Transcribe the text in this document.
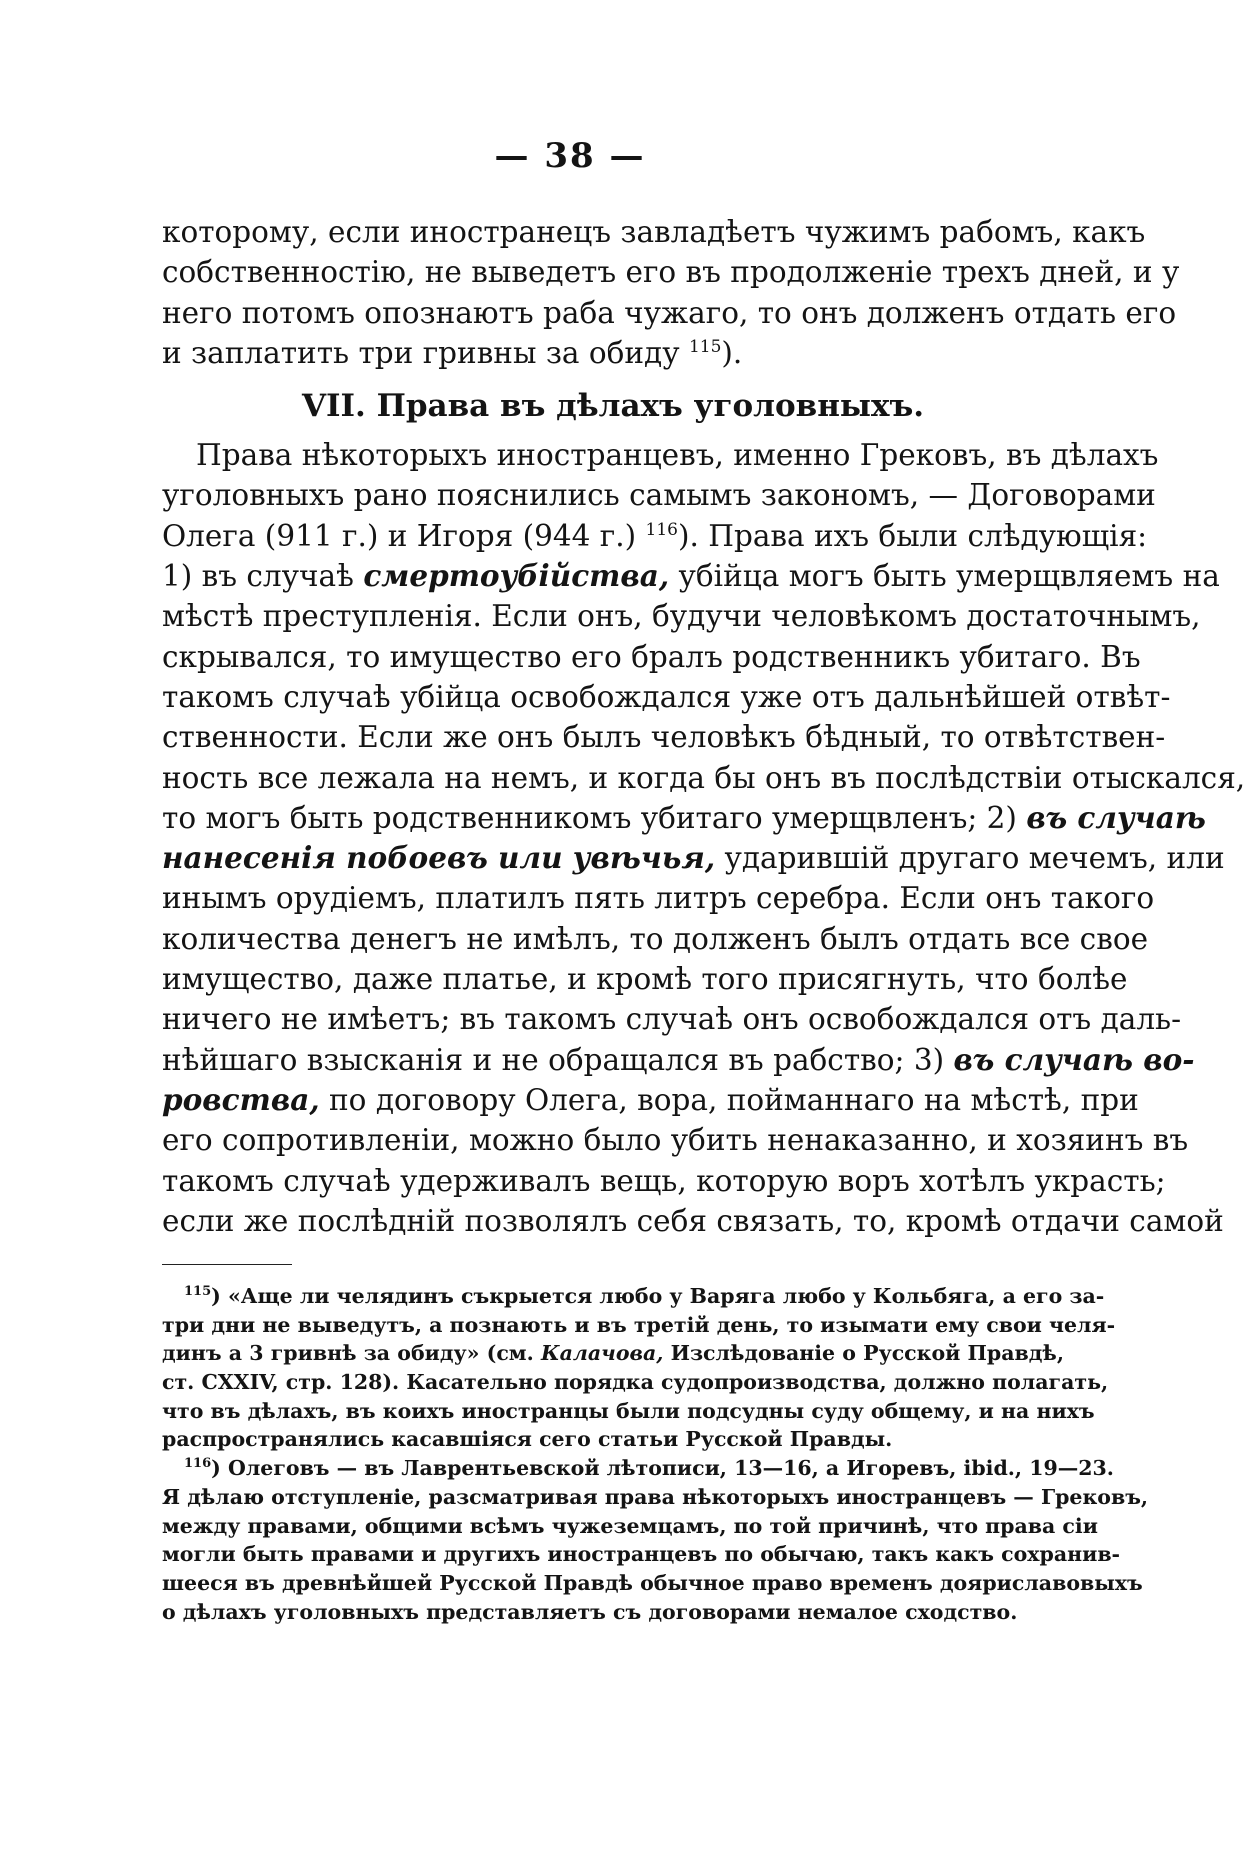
— 38 —
которому, если иностранецъ завладѣетъ чужимъ рабомъ, какъ
собственностію, не выведетъ его въ продолженіе трехъ дней, и у
него потомъ опознаютъ раба чужаго, то онъ долженъ отдать его
и заплатить три гривны за обиду $^{115}$).
VII. Права въ дѣлахъ уголовныхъ.
Права нѣкоторыхъ иностранцевъ, именно Грековъ, въ дѣлахъ
уголовныхъ рано пояснились самымъ закономъ, — Договорами
Олега (911 г.) и Игоря (944 г.) $^{116}$). Права ихъ были слѣдующія:
1) въ случаѣ смертоубійства, убійца могъ быть умерщвляемъ на
мѣстѣ преступленія. Если онъ, будучи человѣкомъ достаточнымъ,
скрывался, то имущество его бралъ родственникъ убитаго. Въ
такомъ случаѣ убійца освобождался уже отъ дальнѣйшей отвѣт-
ственности. Если же онъ былъ человѣкъ бѣдный, то отвѣтствен-
ность все лежала на немъ, и когда бы онъ въ послѣдствіи отыскался,
то могъ быть родственникомъ убитаго умерщвленъ; 2) въ случаѣ
нанесенія побоевъ или увѣчья, ударившій другаго мечемъ, или
инымъ орудіемъ, платилъ пять литръ серебра. Если онъ такого
количества денегъ не имѣлъ, то долженъ былъ отдать все свое
имущество, даже платье, и кромѣ того присягнуть, что болѣе
ничего не имѣетъ; въ такомъ случаѣ онъ освобождался отъ даль-
нѣйшаго взысканія и не обращался въ рабство; 3) въ случаѣ во-
ровства, по договору Олега, вора, пойманнаго на мѣстѣ, при
его сопротивленіи, можно было убить ненаказанно, и хозяинъ въ
такомъ случаѣ удерживалъ вещь, которую воръ хотѣлъ украсть;
если же послѣдній позволялъ себя связать, то, кромѣ отдачи самой
$^{115}$) «Аще ли челядинъ съкрыется любо у Варяга любо у Кольбяга, а его за-
три дни не выведутъ, а познають и въ третій день, то изымати ему свои челя-
динъ а 3 гривнѣ за обиду» (см. Калачова, Изслѣдованіе о Русской Правдѣ,
ст. CXXIV, стр. 128). Касательно порядка судопроизводства, должно полагать,
что въ дѣлахъ, въ коихъ иностранцы были подсудны суду общему, и на нихъ
распространялись касавшіяся сего статьи Русской Правды.
$^{116}$) Олеговъ — въ Лаврентьевской лѣтописи, 13—16, а Игоревъ, ibid., 19—23.
Я дѣлаю отступленіе, разсматривая права нѣкоторыхъ иностранцевъ — Грековъ,
между правами, общими всѣмъ чужеземцамъ, по той причинѣ, что права сіи
могли быть правами и другихъ иностранцевъ по обычаю, такъ какъ сохранив-
шееся въ древнѣйшей Русской Правдѣ обычное право временъ дояриславовыхъ
о дѣлахъ уголовныхъ представляетъ съ договорами немалое сходство.
